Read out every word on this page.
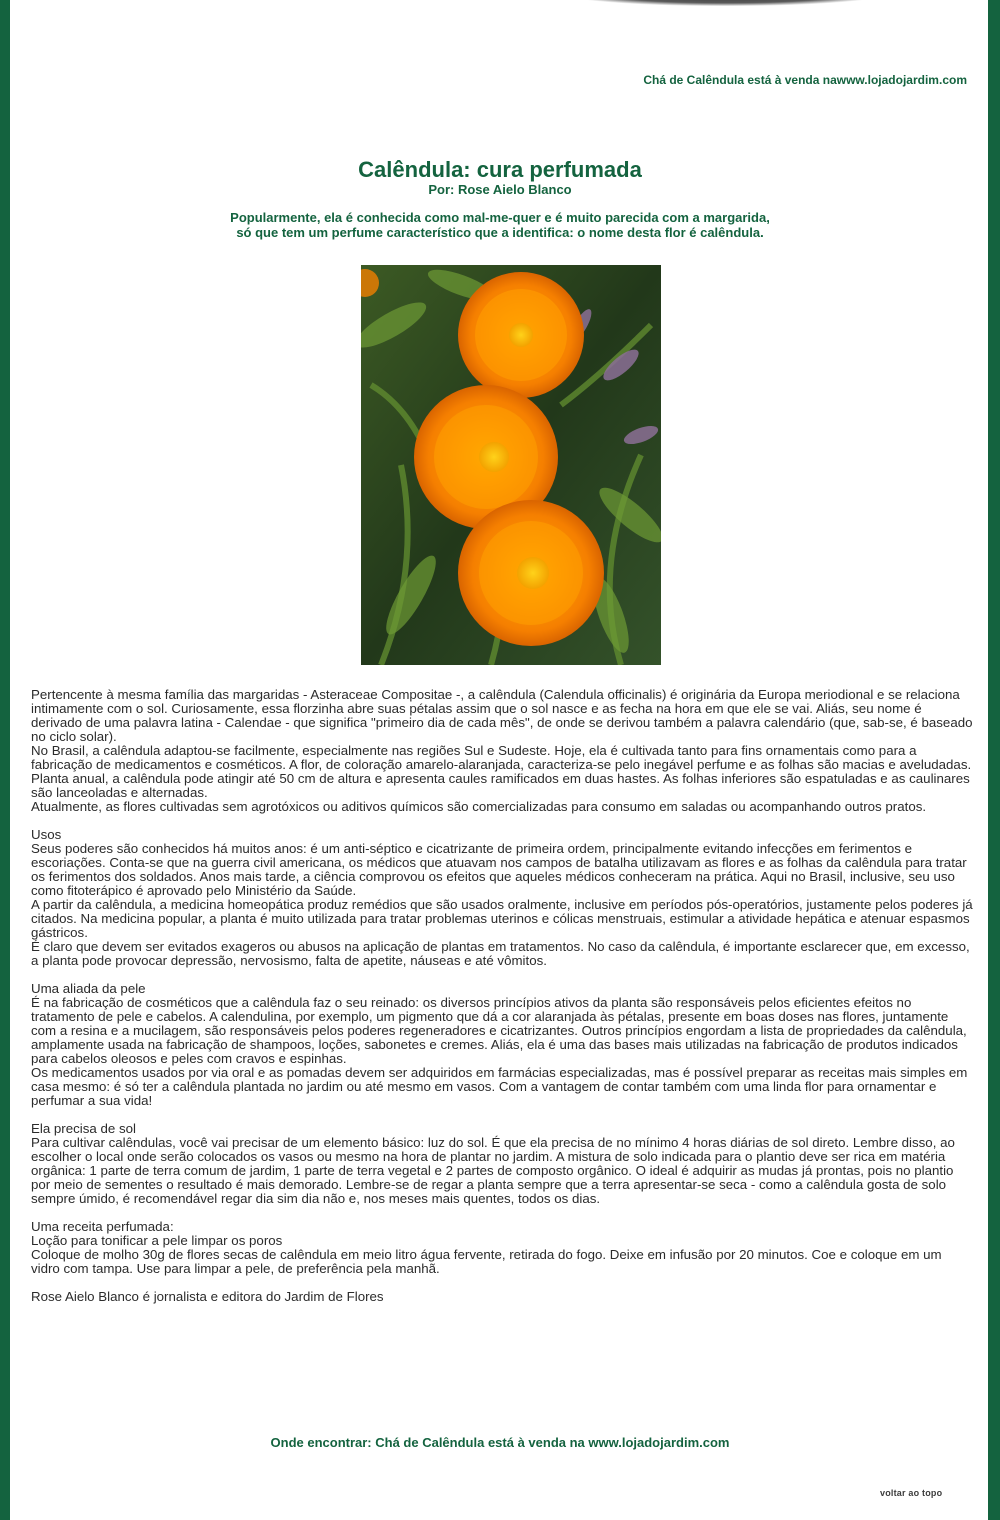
Chá de Calêndula está à venda nawww.lojadojardim.com
Calêndula: cura perfumada
Por: Rose Aielo Blanco
Popularmente, ela é conhecida como mal-me-quer e é muito parecida com a margarida,
só que tem um perfume característico que a identifica: o nome desta flor é calêndula.

Pertencente à mesma família das margaridas - Asteraceae Compositae -, a calêndula (Calendula officinalis) é originária da Europa meriodional e se relaciona intimamente com o sol. Curiosamente, essa florzinha abre suas pétalas assim que o sol nasce e as fecha na hora em que ele se vai. Aliás, seu nome é derivado de uma palavra latina - Calendae - que significa "primeiro dia de cada mês", de onde se derivou também a palavra calendário (que, sab-se, é baseado no ciclo solar).

No Brasil, a calêndula adaptou-se facilmente, especialmente nas regiões Sul e Sudeste. Hoje, ela é cultivada tanto para fins ornamentais como para a fabricação de medicamentos e cosméticos. A flor, de coloração amarelo-alaranjada, caracteriza-se pelo inegável perfume e as folhas são macias e aveludadas. Planta anual, a calêndula pode atingir até 50 cm de altura e apresenta caules ramificados em duas hastes. As folhas inferiores são espatuladas e as caulinares são lanceoladas e alternadas.

Atualmente, as flores cultivadas sem agrotóxicos ou aditivos químicos são comercializadas para consumo em saladas ou acompanhando outros pratos.

Usos

Seus poderes são conhecidos há muitos anos: é um anti-séptico e cicatrizante de primeira ordem, principalmente evitando infecções em ferimentos e escoriações. Conta-se que na guerra civil americana, os médicos que atuavam nos campos de batalha utilizavam as flores e as folhas da calêndula para tratar os ferimentos dos soldados. Anos mais tarde, a ciência comprovou os efeitos que aqueles médicos conheceram na prática. Aqui no Brasil, inclusive, seu uso como fitoterápico é aprovado pelo Ministério da Saúde.

A partir da calêndula, a medicina homeopática produz remédios que são usados oralmente, inclusive em períodos pós-operatórios, justamente pelos poderes já citados. Na medicina popular, a planta é muito utilizada para tratar problemas uterinos e cólicas menstruais, estimular a atividade hepática e atenuar espasmos gástricos.

É claro que devem ser evitados exageros ou abusos na aplicação de plantas em tratamentos. No caso da calêndula, é importante esclarecer que, em excesso, a planta pode provocar depressão, nervosismo, falta de apetite, náuseas e até vômitos.

Uma aliada da pele

É na fabricação de cosméticos que a calêndula faz o seu reinado: os diversos princípios ativos da planta são responsáveis pelos eficientes efeitos no tratamento de pele e cabelos. A calendulina, por exemplo, um pigmento que dá a cor alaranjada às pétalas, presente em boas doses nas flores, juntamente com a resina e a mucilagem, são responsáveis pelos poderes regeneradores e cicatrizantes. Outros princípios engordam a lista de propriedades da calêndula, amplamente usada na fabricação de shampoos, loções, sabonetes e cremes. Aliás, ela é uma das bases mais utilizadas na fabricação de produtos indicados para cabelos oleosos e peles com cravos e espinhas.

Os medicamentos usados por via oral e as pomadas devem ser adquiridos em farmácias especializadas, mas é possível preparar as receitas mais simples em casa mesmo: é só ter a calêndula plantada no jardim ou até mesmo em vasos. Com a vantagem de contar também com uma linda flor para ornamentar e perfumar a sua vida!

Ela precisa de sol

Para cultivar calêndulas, você vai precisar de um elemento básico: luz do sol. É que ela precisa de no mínimo 4 horas diárias de sol direto. Lembre disso, ao escolher o local onde serão colocados os vasos ou mesmo na hora de plantar no jardim. A mistura de solo indicada para o plantio deve ser rica em matéria orgânica: 1 parte de terra comum de jardim, 1 parte de terra vegetal e 2 partes de composto orgânico. O ideal é adquirir as mudas já prontas, pois no plantio por meio de sementes o resultado é mais demorado. Lembre-se de regar a planta sempre que a terra apresentar-se seca - como a calêndula gosta de solo sempre úmido, é recomendável regar dia sim dia não e, nos meses mais quentes, todos os dias.

Uma receita perfumada:

Loção para tonificar a pele limpar os poros

Coloque de molho 30g de flores secas de calêndula em meio litro água fervente, retirada do fogo. Deixe em infusão por 20 minutos. Coe e coloque em um vidro com tampa. Use para limpar a pele, de preferência pela manhã.

Rose Aielo Blanco é jornalista e editora do Jardim de Flores

Onde encontrar: Chá de Calêndula está à venda na www.lojadojardim.com
voltar ao topo
